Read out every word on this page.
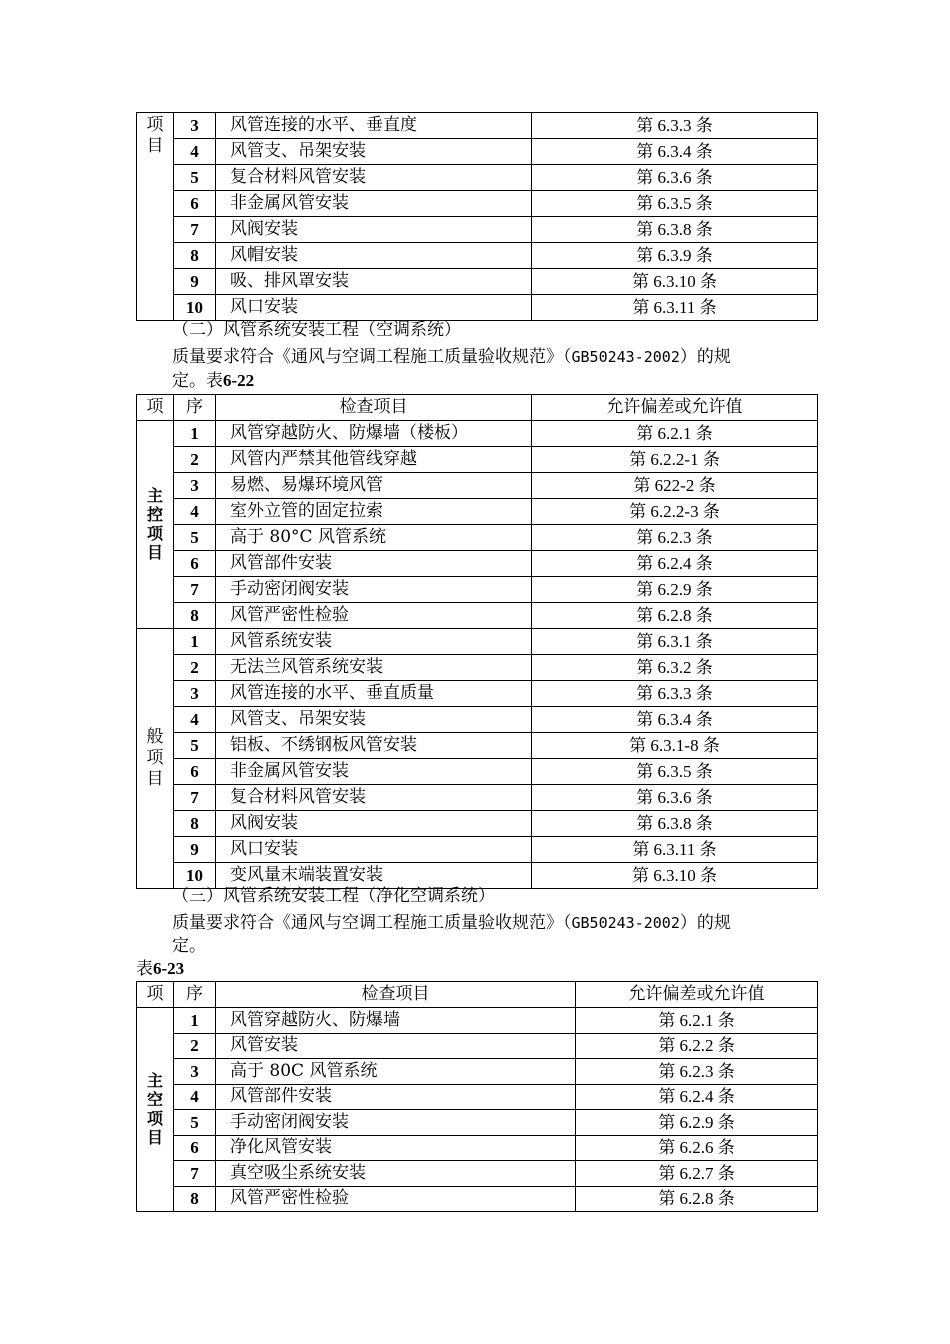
项目	3	风管连接的水平、垂直度	第 6.3.3 条
	4	风管支、吊架安装	第 6.3.4 条
	5	复合材料风管安装	第 6.3.6 条
	6	非金属风管安装	第 6.3.5 条
	7	风阀安装	第 6.3.8 条
	8	风帽安装	第 6.3.9 条
	9	吸、排风罩安装	第 6.3.10 条
	10	风口安装	第 6.3.11 条

（二）风管系统安装工程（空调系统）

质量要求符合《通风与空调工程施工质量验收规范》（GB50243-2002）的规

定。表6-22

项	序	检查项目	允许偏差或允许值
主控项目	1	风管穿越防火、防爆墙（楼板）	第 6.2.1 条
	2	风管内严禁其他管线穿越	第 6.2.2-1 条
	3	易燃、易爆环境风管	第 622-2 条
	4	室外立管的固定拉索	第 6.2.2-3 条
	5	高于 80°C 风管系统	第 6.2.3 条
	6	风管部件安装	第 6.2.4 条
	7	手动密闭阀安装	第 6.2.9 条
	8	风管严密性检验	第 6.2.8 条
般项目	1	风管系统安装	第 6.3.1 条
	2	无法兰风管系统安装	第 6.3.2 条
	3	风管连接的水平、垂直质量	第 6.3.3 条
	4	风管支、吊架安装	第 6.3.4 条
	5	铝板、不绣钢板风管安装	第 6.3.1-8 条
	6	非金属风管安装	第 6.3.5 条
	7	复合材料风管安装	第 6.3.6 条
	8	风阀安装	第 6.3.8 条
	9	风口安装	第 6.3.11 条
	10	变风量末端装置安装	第 6.3.10 条

（三）风管系统安装工程（净化空调系统）

质量要求符合《通风与空调工程施工质量验收规范》（GB50243-2002）的规

定。

表6-23

项	序	检查项目	允许偏差或允许值
主空项目	1	风管穿越防火、防爆墙	第 6.2.1 条
	2	风管安装	第 6.2.2 条
	3	高于 80C 风管系统	第 6.2.3 条
	4	风管部件安装	第 6.2.4 条
	5	手动密闭阀安装	第 6.2.9 条
	6	净化风管安装	第 6.2.6 条
	7	真空吸尘系统安装	第 6.2.7 条
	8	风管严密性检验	第 6.2.8 条
